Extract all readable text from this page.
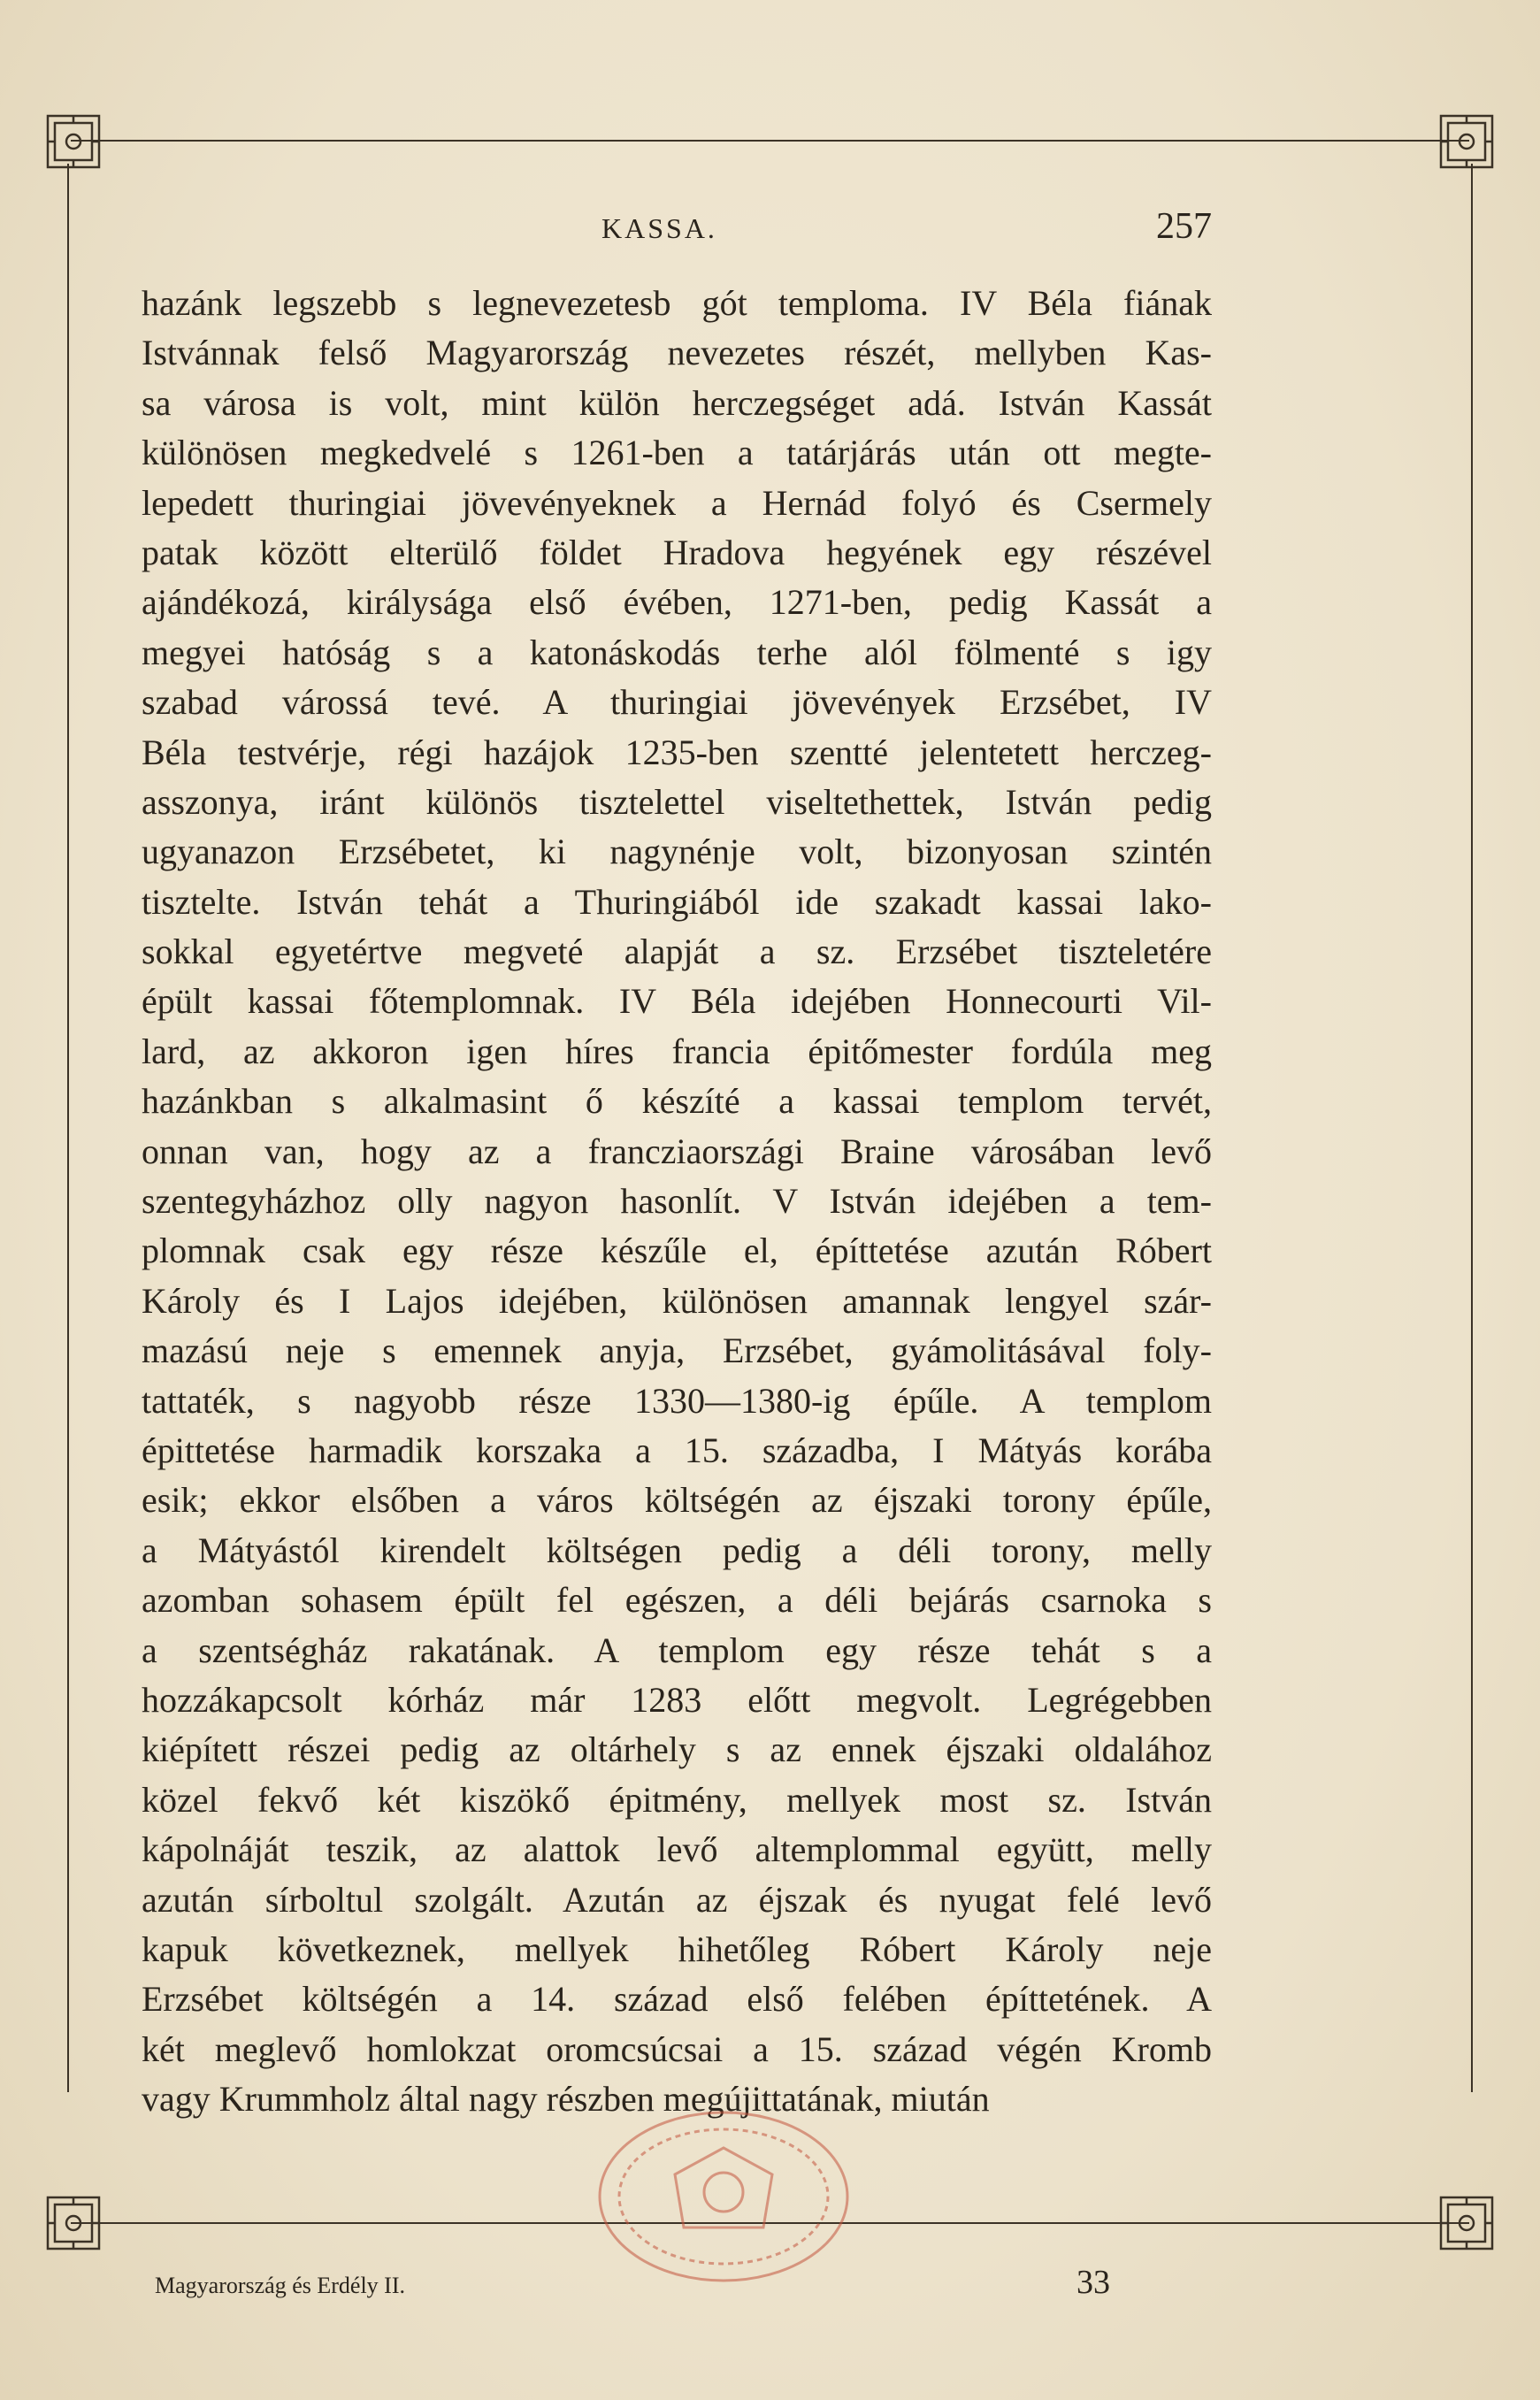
KASSA.	257
hazánk legszebb s legnevezetesb gót temploma. IV Béla fiának
Istvánnak felső Magyarország nevezetes részét, mellyben Kas-
sa városa is volt, mint külön herczegséget adá. István Kassát
különösen megkedvelé s 1261-ben a tatárjárás után ott megte-
lepedett thuringiai jövevényeknek a Hernád folyó és Csermely
patak között elterülő földet Hradova hegyének egy részével
ajándékozá, királysága első évében, 1271-ben, pedig Kassát a
megyei hatóság s a katonáskodás terhe alól fölmenté s igy
szabad várossá tevé. A thuringiai jövevények Erzsébet, IV
Béla testvérje, régi hazájok 1235-ben szentté jelentetett herczeg-
asszonya, iránt különös tisztelettel viseltethettek, István pedig
ugyanazon Erzsébetet, ki nagynénje volt, bizonyosan szintén
tisztelte. István tehát a Thuringiából ide szakadt kassai lako-
sokkal egyetértve megveté alapját a sz. Erzsébet tiszteletére
épült kassai főtemplomnak. IV Béla idejében Honnecourti Vil-
lard, az akkoron igen híres francia épitőmester fordúla meg
hazánkban s alkalmasint ő készíté a kassai templom tervét,
onnan van, hogy az a francziaországi Braine városában levő
szentegyházhoz olly nagyon hasonlít. V István idejében a tem-
plomnak csak egy része készűle el, építtetése azután Róbert
Károly és I Lajos idejében, különösen amannak lengyel szár-
mazású neje s emennek anyja, Erzsébet, gyámolitásával foly-
tattaték, s nagyobb része 1330—1380-ig épűle. A templom
épittetése harmadik korszaka a 15. századba, I Mátyás korába
esik; ekkor elsőben a város költségén az éjszaki torony épűle,
a Mátyástól kirendelt költségen pedig a déli torony, melly
azomban sohasem épült fel egészen, a déli bejárás csarnoka s
a szentségház rakatának. A templom egy része tehát s a
hozzákapcsolt kórház már 1283 előtt megvolt. Legrégebben
kiépített részei pedig az oltárhely s az ennek éjszaki oldalához
közel fekvő két kiszökő épitmény, mellyek most sz. István
kápolnáját teszik, az alattok levő altemplommal együtt, melly
azután sírboltul szolgált. Azután az éjszak és nyugat felé levő
kapuk következnek, mellyek hihetőleg Róbert Károly neje
Erzsébet költségén a 14. század első felében építtetének. A
két meglevő homlokzat oromcsúcsai a 15. század végén Kromb
vagy Krummholz által nagy részben megújittatának, miután
Magyarország és Erdély II.	33
